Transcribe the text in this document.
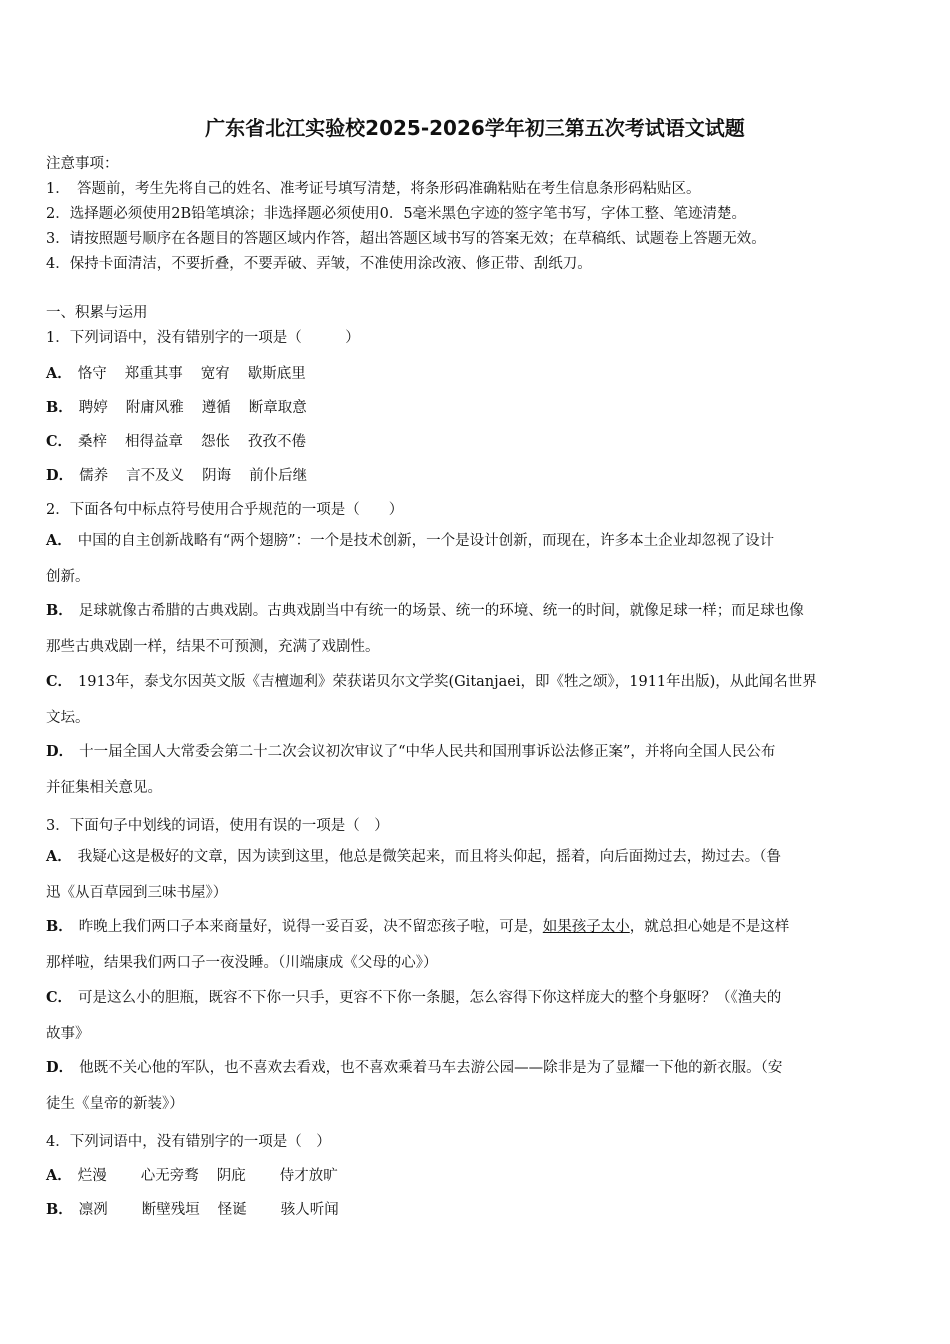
广东省北江实验校2025-2026学年初三第五次考试语文试题
注意事项：
1．　答题前，考生先将自己的姓名、准考证号填写清楚，将条形码准确粘贴在考生信息条形码粘贴区。
2．选择题必须使用2B铅笔填涂；非选择题必须使用0．5毫米黑色字迹的签字笔书写，字体工整、笔迹清楚。
3．请按照题号顺序在各题目的答题区域内作答，超出答题区域书写的答案无效；在草稿纸、试题卷上答题无效。
4．保持卡面清洁，不要折叠，不要弄破、弄皱，不准使用涂改液、修正带、刮纸刀。
一、积累与运用
1．下列词语中，没有错别字的一项是（　　　）
A． 恪守 郑重其事 宽宥 歇斯底里
B． 聘婷 附庸风雅 遵循 断章取意
C． 桑梓 相得益章 怨伥 孜孜不倦
D． 儒养 言不及义 阴诲 前仆后继
2．下面各句中标点符号使用合乎规范的一项是（　　）
A． 中国的自主创新战略有“两个翅膀”：一个是技术创新，一个是设计创新，而现在，许多本土企业却忽视了设计
创新。
B． 足球就像古希腊的古典戏剧。古典戏剧当中有统一的场景、统一的环境、统一的时间，就像足球一样；而足球也像
那些古典戏剧一样，结果不可预测，充满了戏剧性。
C． 1913年，泰戈尔因英文版《吉檀迦利》荣获诺贝尔文学奖(Gitanjaei，即《牲之颂》，1911年出版)，从此闻名世界
文坛。
D． 十一届全国人大常委会第二十二次会议初次审议了“中华人民共和国刑事诉讼法修正案”，并将向全国人民公布
并征集相关意见。
3．下面句子中划线的词语，使用有误的一项是（　）
A． 我疑心这是极好的文章，因为读到这里，他总是微笑起来，而且将头仰起，摇着，向后面拗过去，拗过去。（鲁
迅《从百草园到三味书屋》）
B． 昨晚上我们两口子本来商量好，说得一妥百妥，决不留恋孩子啦，可是，如果孩子太小，就总担心她是不是这样
那样啦，结果我们两口子一夜没睡。（川端康成《父母的心》）
C． 可是这么小的胆瓶，既容不下你一只手，更容不下你一条腿，怎么容得下你这样庞大的整个身躯呀？（《渔夫的
故事》
D． 他既不关心他的军队，也不喜欢去看戏，也不喜欢乘着马车去游公园——除非是为了显耀一下他的新衣服。（安
徒生《皇帝的新装》）
4．下列词语中，没有错别字的一项是（　）
A． 烂漫 心无旁骛 阴庇 侍才放旷
B． 凛冽 断壁残垣 怪诞 骇人听闻
